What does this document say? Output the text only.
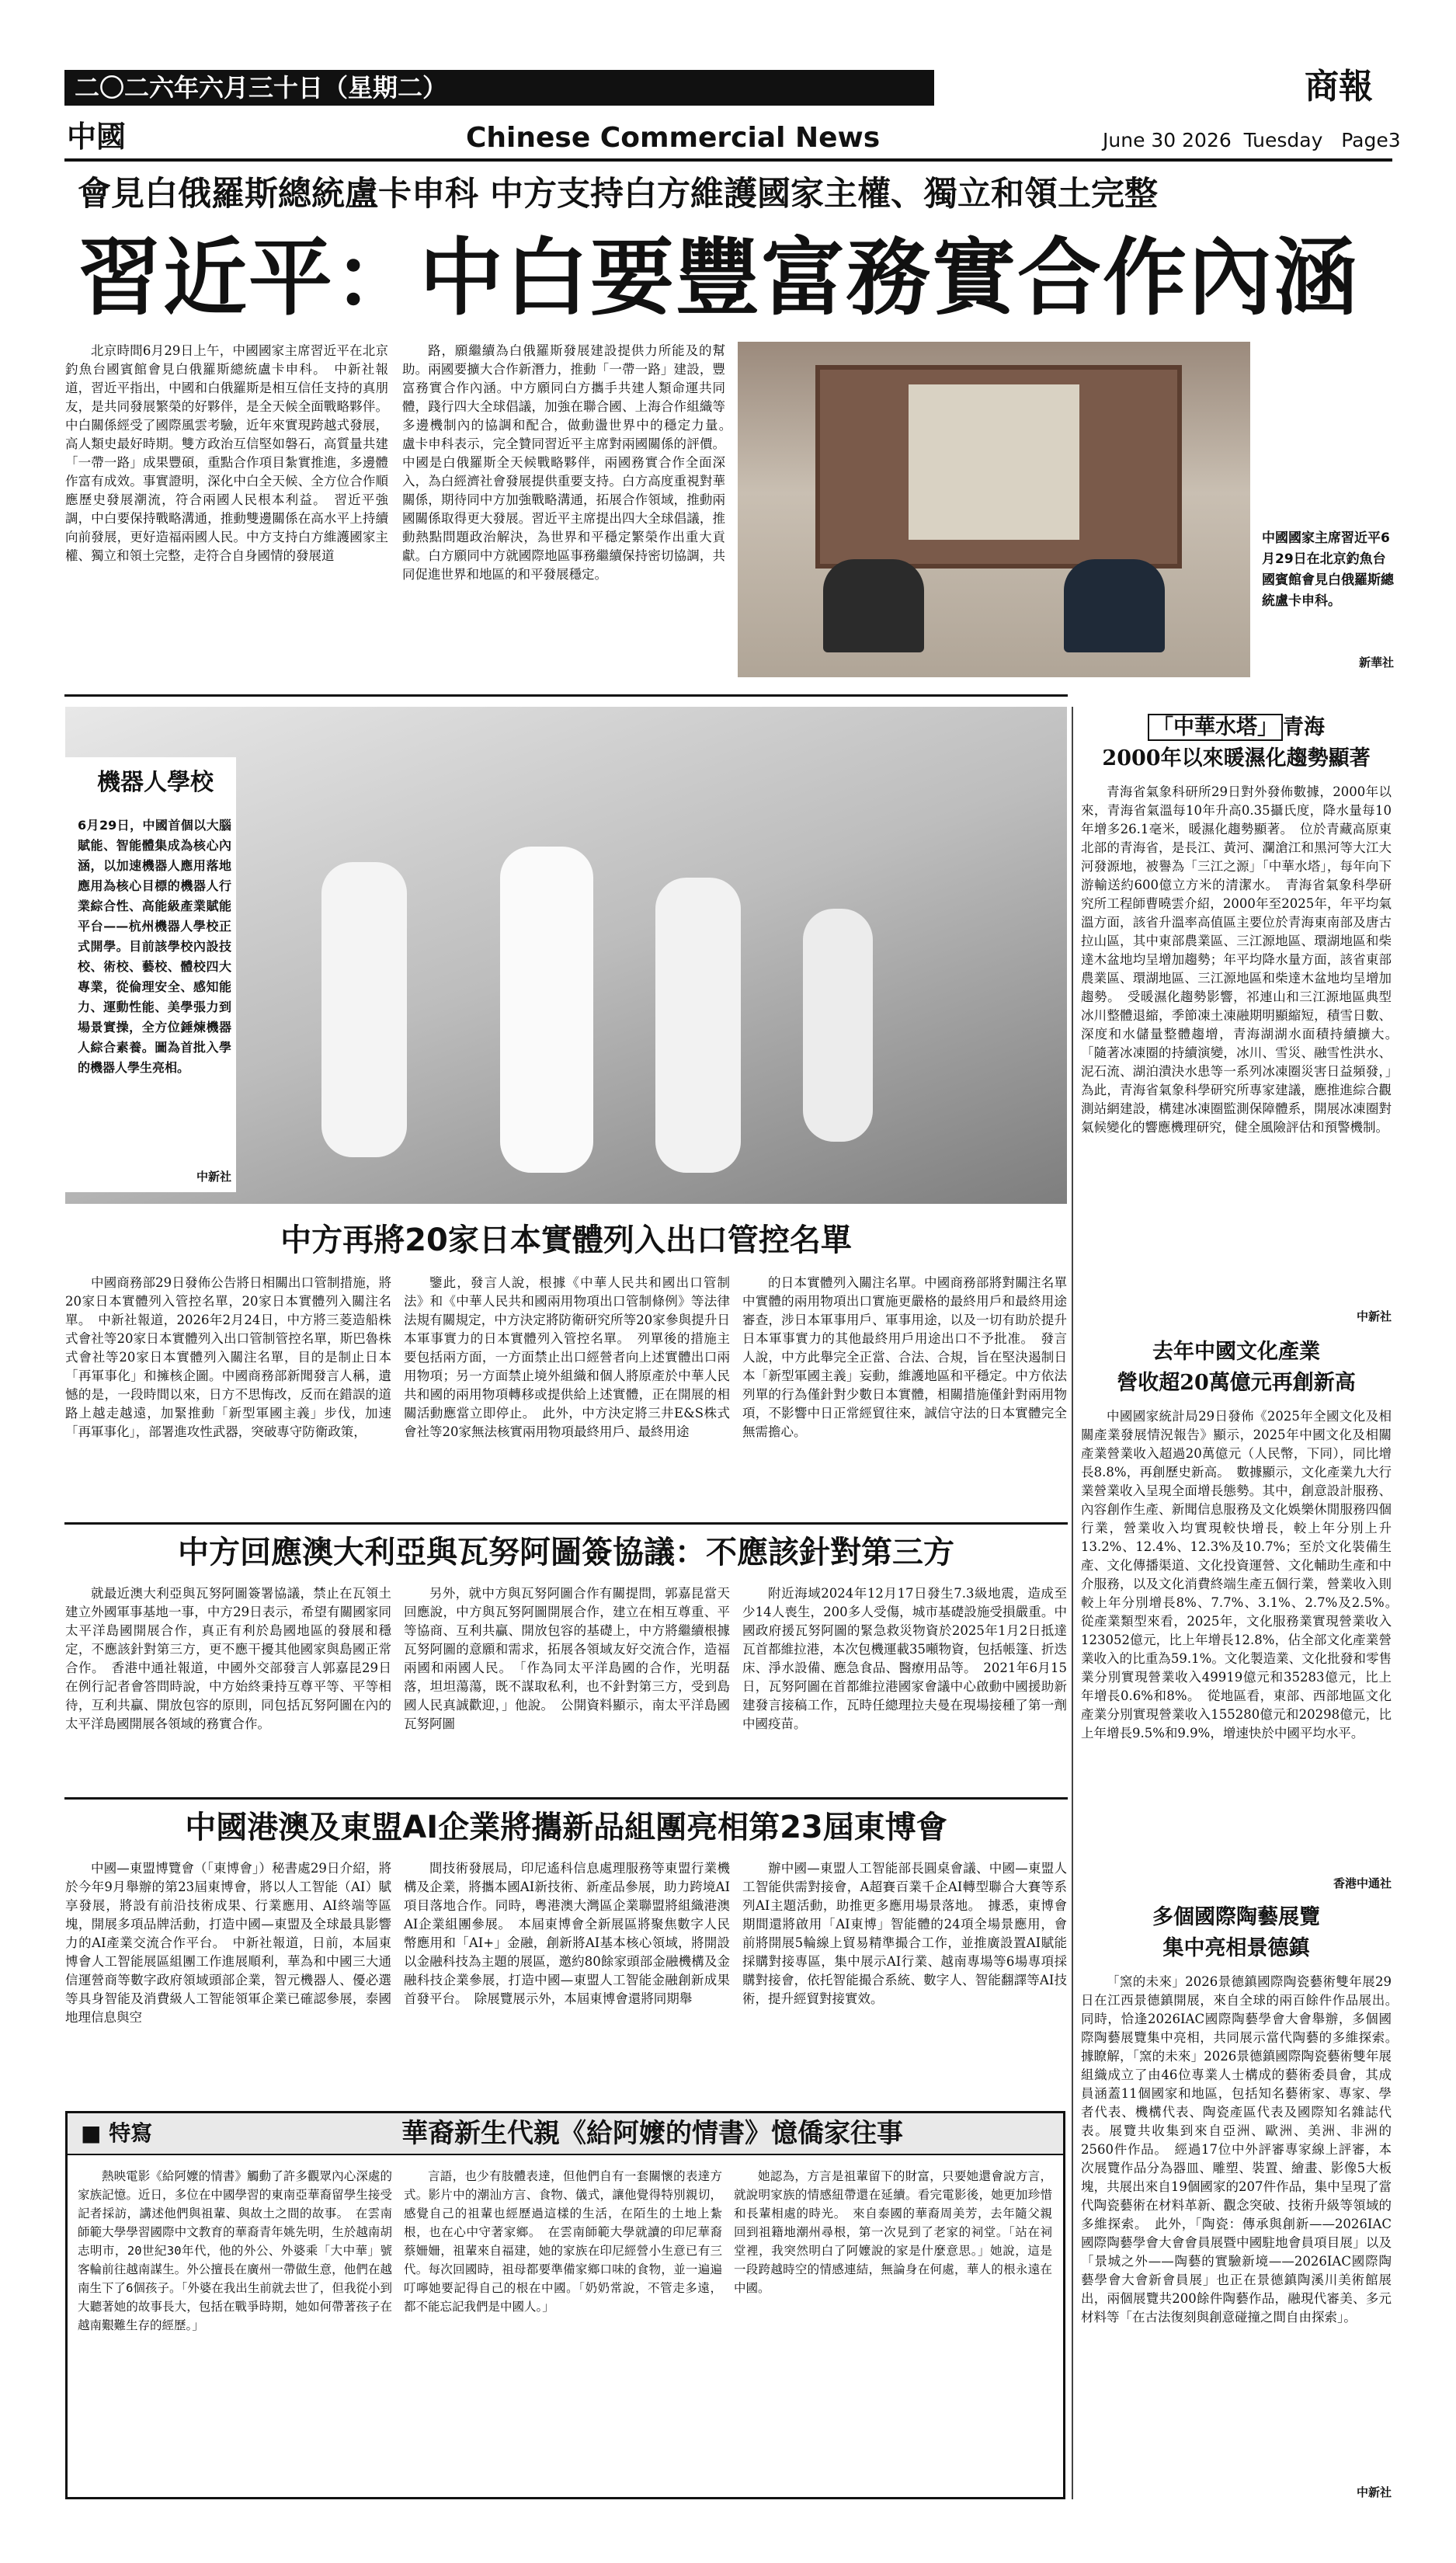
二〇二六年六月三十日（星期二）	商報
中國	Chinese Commercial News	June 30 2026  Tuesday   Page3
會見白俄羅斯總統盧卡申科 中方支持白方維護國家主權、獨立和領土完整
習近平：中白要豐富務實合作內涵
北京時間6月29日上午，中國國家主席習近平在北京釣魚台國賓館會見白俄羅斯總統盧卡申科。　中新社報道，習近平指出，中國和白俄羅斯是相互信任支持的真朋友，是共同發展繁榮的好夥伴，是全天候全面戰略夥伴。中白關係經受了國際風雲考驗，近年來實現跨越式發展，高人類史最好時期。雙方政治互信堅如磐石，高質量共建「一帶一路」成果豐碩，重點合作項目紮實推進，多邊體作富有成效。事實證明，深化中白全天候、全方位合作順應歷史發展潮流，符合兩國人民根本利益。　習近平強調，中白要保持戰略溝通，推動雙邊關係在高水平上持續向前發展，更好造福兩國人民。中方支持白方維護國家主權、獨立和領土完整，走符合自身國情的發展道
路，願繼續為白俄羅斯發展建設提供力所能及的幫助。兩國要擴大合作新潛力，推動「一帶一路」建設，豐富務實合作內涵。中方願同白方攜手共建人類命運共同體，踐行四大全球倡議，加強在聯合國、上海合作組織等多邊機制內的協調和配合，做動盪世界中的穩定力量。　盧卡申科表示，完全贊同習近平主席對兩國關係的評價。中國是白俄羅斯全天候戰略夥伴，兩國務實合作全面深入，為白經濟社會發展提供重要支持。白方高度重視對華關係，期待同中方加強戰略溝通，拓展合作領域，推動兩國關係取得更大發展。習近平主席提出四大全球倡議，推動熱點問題政治解決，為世界和平穩定繁榮作出重大貢獻。白方願同中方就國際地區事務繼續保持密切協調，共同促進世界和地區的和平發展穩定。
中國國家主席習近平6月29日在北京釣魚台國賓館會見白俄羅斯總統盧卡申科。
新華社
機器人學校
6月29日，中國首個以大腦賦能、智能體集成為核心內涵，以加速機器人應用落地應用為核心目標的機器人行業綜合性、高能級產業賦能平台——杭州機器人學校正式開學。目前該學校內設技校、術校、藝校、體校四大專業，從倫理安全、感知能力、運動性能、美學張力到場景實操，全方位錘煉機器人綜合素養。圖為首批入學的機器人學生亮相。
中新社
中方再將20家日本實體列入出口管控名單
中國商務部29日發佈公告將日相關出口管制措施，將20家日本實體列入管控名單，20家日本實體列入關注名單。　中新社報道，2026年2月24日，中方將三菱造船株式會社等20家日本實體列入出口管制管控名單，斯巴魯株式會社等20家日本實體列入關注名單，目的是制止日本「再軍事化」和擁核企圖。中國商務部新聞發言人稱，遺憾的是，一段時間以來，日方不思悔改，反而在錯誤的道路上越走越遠，加緊推動「新型軍國主義」步伐，加速「再軍事化」，部署進攻性武器，突破專守防衛政策，
鑒此，發言人說，根據《中華人民共和國出口管制法》和《中華人民共和國兩用物項出口管制條例》等法律法規有關規定，中方決定將防衛研究所等20家參與提升日本軍事實力的日本實體列入管控名單。　列單後的措施主要包括兩方面，一方面禁止出口經營者向上述實體出口兩用物項；另一方面禁止境外組織和個人將原產於中華人民共和國的兩用物項轉移或提供給上述實體，正在開展的相關活動應當立即停止。　此外，中方決定將三井E&S株式會社等20家無法核實兩用物項最終用戶、最終用途
的日本實體列入關注名單。中國商務部將對關注名單中實體的兩用物項出口實施更嚴格的最終用戶和最終用途審查，涉日本軍事用戶、軍事用途，以及一切有助於提升日本軍事實力的其他最終用戶用途出口不予批准。　發言人說，中方此舉完全正當、合法、合規，旨在堅決遏制日本「新型軍國主義」妄動，維護地區和平穩定。中方依法列單的行為僅針對少數日本實體，相關措施僅針對兩用物項，不影響中日正常經貿往來，誠信守法的日本實體完全無需擔心。
中方回應澳大利亞與瓦努阿圖簽協議：不應該針對第三方
就最近澳大利亞與瓦努阿圖簽署協議，禁止在瓦領土建立外國軍事基地一事，中方29日表示，希望有關國家同太平洋島國開展合作，真正有利於島國地區的發展和穩定，不應該針對第三方，更不應干擾其他國家與島國正常合作。　香港中通社報道，中國外交部發言人郭嘉昆29日在例行記者會答問時說，中方始終秉持互尊平等、平等相待，互利共贏、開放包容的原則，同包括瓦努阿圖在內的太平洋島國開展各領域的務實合作。
另外，就中方與瓦努阿圖合作有關提問，郭嘉昆當天回應說，中方與瓦努阿圖開展合作，建立在相互尊重、平等協商、互利共贏、開放包容的基礎上，中方將繼續根據瓦努阿圖的意願和需求，拓展各領域友好交流合作，造福兩國和兩國人民。　「作為同太平洋島國的合作，光明磊落，坦坦蕩蕩，既不謀取私利，也不針對第三方，受到島國人民真誠歡迎，」他說。　公開資料顯示，南太平洋島國瓦努阿圖
附近海域2024年12月17日發生7.3級地震，造成至少14人喪生，200多人受傷，城市基礎設施受損嚴重。中國政府援瓦努阿圖的緊急救災物資於2025年1月2日抵達瓦首都維拉港，本次包機運載35噸物資，包括帳篷、折迭床、淨水設備、應急食品、醫療用品等。　2021年6月15日，瓦努阿圖在首都維拉港國家會議中心啟動中國援助新建發言接稿工作，瓦時任總理拉夫曼在現場接種了第一劑中國疫苗。
中國港澳及東盟AI企業將攜新品組團亮相第23屆東博會
中國—東盟博覽會（「東博會」）秘書處29日介紹，將於今年9月舉辦的第23屆東博會，將以人工智能（AI）賦享發展，將設有前沿技術成果、行業應用、AI終端等區塊，開展多項品牌活動，打造中國—東盟及全球最具影響力的AI產業交流合作平台。　中新社報道，日前，本屆東博會人工智能展區組團工作進展順利，華為和中國三大通信運營商等數字政府領域頭部企業，智元機器人、優必選等具身智能及消費級人工智能領軍企業已確認參展，泰國地理信息與空
間技術發展局，印尼遙科信息處理服務等東盟行業機構及企業，將攜本國AI新技術、新產品參展，助力跨境AI項目落地合作。同時，粵港澳大灣區企業聯盟將組織港澳AI企業組團參展。　本屆東博會全新展區將聚焦數字人民幣應用和「AI+」金融，創新將AI基本核心領域，將開設以金融科技為主題的展區，邀約80餘家頭部金融機構及金融科技企業參展，打造中國—東盟人工智能金融創新成果首發平台。　除展覽展示外，本屆東博會還將同期舉
辦中國—東盟人工智能部長圓桌會議、中國—東盟人工智能供需對接會，A超賽百業千企AI轉型聯合大賽等系列AI主題活動，助推更多應用場景落地。　據悉，東博會期間還將啟用「AI東博」智能體的24項全場景應用，會前將開展5輪線上貿易精準撮合工作，並推廣設置AI賦能採購對接專區，集中展示AI行業、越南專場等6場專項採購對接會，依托智能撮合系統、數字人、智能翻譯等AI技術，提升經貿對接實效。
■ 特寫	華裔新生代親《給阿嬤的情書》憶僑家往事
熱映電影《給阿嬤的情書》觸動了許多觀眾內心深處的家族記憶。近日，多位在中國學習的東南亞華裔留學生接受記者採訪，講述他們與祖輩、與故土之間的故事。　在雲南師範大學學習國際中文教育的華裔青年姚先明，生於越南胡志明市，20世紀30年代，他的外公、外婆乘「大中華」號客輪前往越南謀生。外公擅長在廣州一帶做生意，他們在越南生下了6個孩子。「外婆在我出生前就去世了，但我從小到大聽著她的故事長大，包括在戰爭時期，她如何帶著孩子在越南艱難生存的經歷。」
言語，也少有肢體表達，但他們自有一套關懷的表達方式。影片中的潮汕方言、食物、儀式，讓他覺得特別親切，感覺自己的祖輩也經歷過這樣的生活，在陌生的土地上紮根，也在心中守著家鄉。　在雲南師範大學就讀的印尼華裔蔡姍姍，祖輩來自福建，她的家族在印尼經營小生意已有三代。每次回國時，祖母都要準備家鄉口味的食物，並一遍遍叮嚀她要記得自己的根在中國。「奶奶常說，不管走多遠，都不能忘記我們是中國人。」
她認為，方言是祖輩留下的財富，只要她還會說方言，就說明家族的情感紐帶還在延續。看完電影後，她更加珍惜和長輩相處的時光。　來自泰國的華裔周美芳，去年隨父親回到祖籍地潮州尋根，第一次見到了老家的祠堂。「站在祠堂裡，我突然明白了阿嬤說的家是什麼意思。」她說，這是一段跨越時空的情感連結，無論身在何處，華人的根永遠在中國。
「中華水塔」 青海
2000年以來暖濕化趨勢顯著
青海省氣象科研所29日對外發佈數據，2000年以來，青海省氣溫每10年升高0.35攝氏度，降水量每10年增多26.1毫米，暖濕化趨勢顯著。　位於青藏高原東北部的青海省，是長江、黃河、瀾滄江和黑河等大江大河發源地，被譽為「三江之源」「中華水塔」，每年向下游輸送約600億立方米的清潔水。　青海省氣象科學研究所工程師曹曉雲介紹，2000年至2025年，年平均氣溫方面，該省升溫率高值區主要位於青海東南部及唐古拉山區，其中東部農業區、三江源地區、環湖地區和柴達木盆地均呈增加趨勢；年平均降水量方面，該省東部農業區、環湖地區、三江源地區和柴達木盆地均呈增加趨勢。　受暖濕化趨勢影響，祁連山和三江源地區典型冰川整體退縮，季節凍土凍融期明顯縮短，積雪日數、深度和水儲量整體趨增，青海湖湖水面積持續擴大。　「隨著冰凍圈的持續演變，冰川、雪災、融雪性洪水、泥石流、湖泊潰決水患等一系列冰凍圈災害日益頻發，」為此，青海省氣象科學研究所專家建議，應推進綜合觀測站網建設，構建冰凍圈監測保障體系，開展冰凍圈對氣候變化的響應機理研究，健全風險評估和預警機制。
中新社
去年中國文化產業
營收超20萬億元再創新高
中國國家統計局29日發佈《2025年全國文化及相關產業發展情況報告》顯示，2025年中國文化及相關產業營業收入超過20萬億元（人民幣，下同），同比增長8.8%，再創歷史新高。　數據顯示，文化產業九大行業營業收入呈現全面增長態勢。其中，創意設計服務、內容創作生產、新聞信息服務及文化娛樂休閒服務四個行業，營業收入均實現較快增長，較上年分別上升13.2%、12.4%、12.3%及10.7%；至於文化裝備生產、文化傳播渠道、文化投資運營、文化輔助生產和中介服務，以及文化消費終端生產五個行業，營業收入則較上年分別增長8%、7.7%、3.1%、2.7%及2.5%。　從產業類型來看，2025年，文化服務業實現營業收入123052億元，比上年增長12.8%，佔全部文化產業營業收入的比重為59.1%。文化製造業、文化批發和零售業分別實現營業收入49919億元和35283億元，比上年增長0.6%和8%。　從地區看，東部、西部地區文化產業分別實現營業收入155280億元和20298億元，比上年增長9.5%和9.9%，增速快於中國平均水平。
香港中通社
多個國際陶藝展覽
集中亮相景德鎮
「窯的未來」2026景德鎮國際陶瓷藝術雙年展29日在江西景德鎮開展，來自全球的兩百餘件作品展出。　同時，恰逢2026IAC國際陶藝學會大會舉辦，多個國際陶藝展覽集中亮相，共同展示當代陶藝的多維探索。　據瞭解，「窯的未來」2026景德鎮國際陶瓷藝術雙年展組織成立了由46位專業人士構成的藝術委員會，其成員涵蓋11個國家和地區，包括知名藝術家、專家、學者代表、機構代表、陶瓷產區代表及國際知名雜誌代表。展覽共收集到來自亞洲、歐洲、美洲、非洲的2560件作品。　經過17位中外評審專家線上評審，本次展覽作品分為器皿、雕塑、裝置、繪畫、影像5大板塊，共展出來自19個國家的207件作品，集中呈現了當代陶瓷藝術在材料革新、觀念突破、技術升級等領域的多維探索。　此外，「陶瓷：傳承與創新——2026IAC國際陶藝學會大會會員展暨中國駐地會員項目展」以及「景城之外——陶藝的實驗新境——2026IAC國際陶藝學會大會新會員展」也正在景德鎮陶溪川美術館展出，兩個展覽共200餘件陶藝作品，融現代審美、多元材料等「在古法復刻與創意碰撞之間自由探索」。
中新社
